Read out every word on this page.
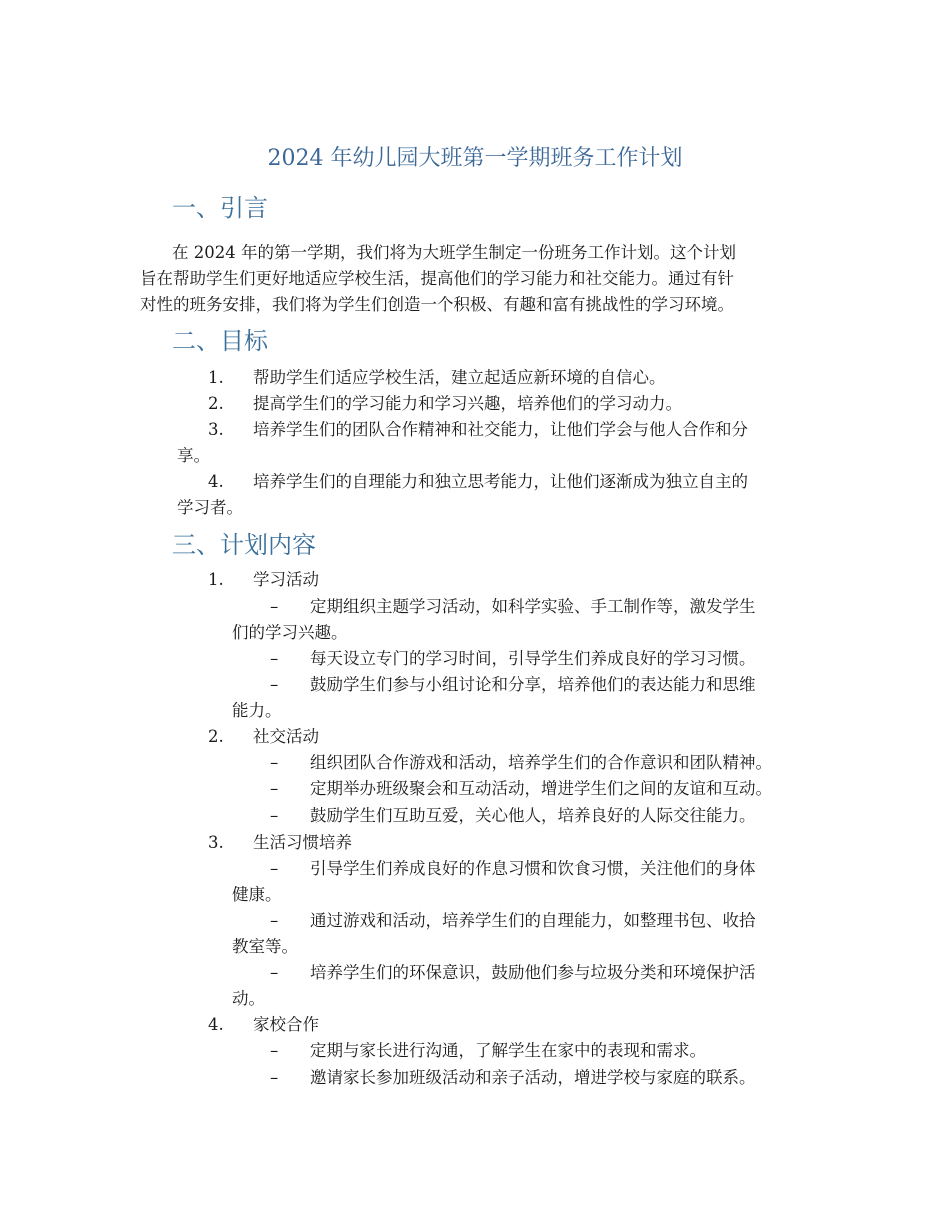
2024 年幼儿园大班第一学期班务工作计划
一、引言
在 2024 年的第一学期，我们将为大班学生制定一份班务工作计划。这个计划
旨在帮助学生们更好地适应学校生活，提高他们的学习能力和社交能力。通过有针
对性的班务安排，我们将为学生们创造一个积极、有趣和富有挑战性的学习环境。
二、目标
1. 帮助学生们适应学校生活，建立起适应新环境的自信心。
2. 提高学生们的学习能力和学习兴趣，培养他们的学习动力。
3. 培养学生们的团队合作精神和社交能力，让他们学会与他人合作和分
享。
4. 培养学生们的自理能力和独立思考能力，让他们逐渐成为独立自主的
学习者。
三、计划内容
1. 学习活动
– 定期组织主题学习活动，如科学实验、手工制作等，激发学生
们的学习兴趣。
– 每天设立专门的学习时间，引导学生们养成良好的学习习惯。
– 鼓励学生们参与小组讨论和分享，培养他们的表达能力和思维
能力。
2. 社交活动
– 组织团队合作游戏和活动，培养学生们的合作意识和团队精神。
– 定期举办班级聚会和互动活动，增进学生们之间的友谊和互动。
– 鼓励学生们互助互爱，关心他人，培养良好的人际交往能力。
3. 生活习惯培养
– 引导学生们养成良好的作息习惯和饮食习惯，关注他们的身体
健康。
– 通过游戏和活动，培养学生们的自理能力，如整理书包、收拾
教室等。
– 培养学生们的环保意识，鼓励他们参与垃圾分类和环境保护活
动。
4. 家校合作
– 定期与家长进行沟通，了解学生在家中的表现和需求。
– 邀请家长参加班级活动和亲子活动，增进学校与家庭的联系。
